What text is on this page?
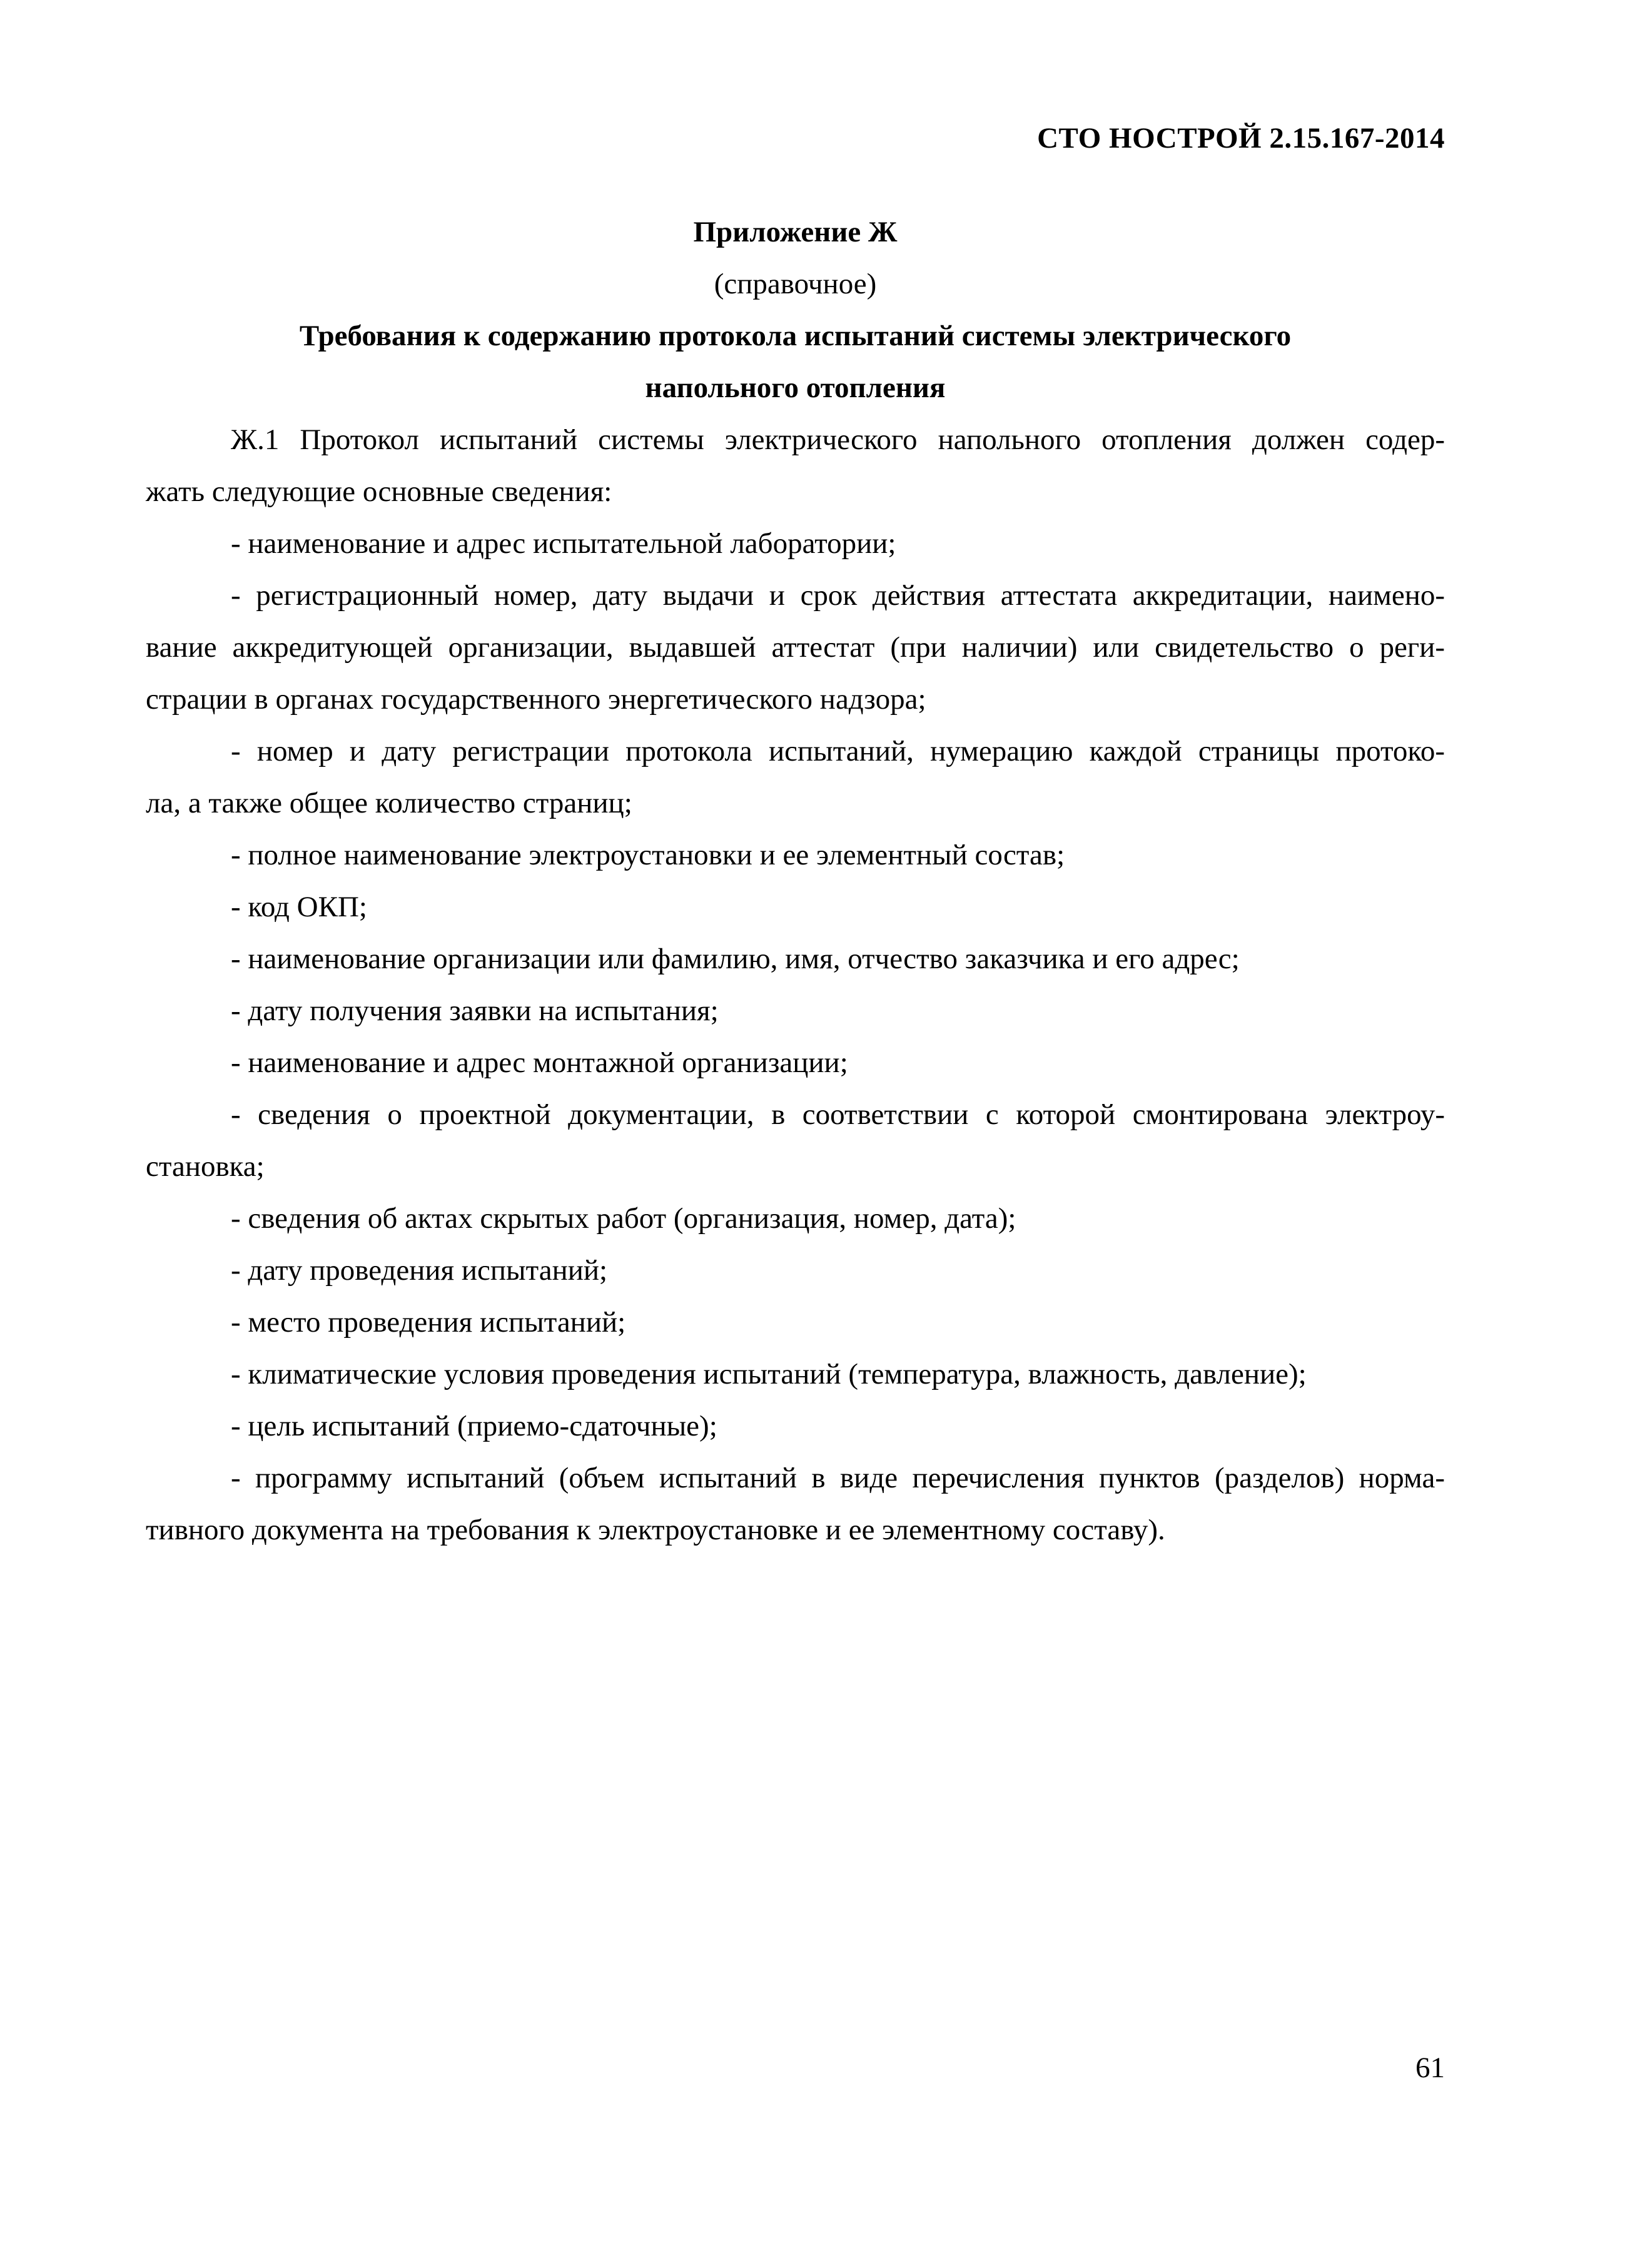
СТО НОСТРОЙ 2.15.167-2014
Приложение Ж
(справочное)
Требования к содержанию протокола испытаний системы электрического
напольного отопления
Ж.1 Протокол испытаний системы электрического напольного отопления должен содер-
жать следующие основные сведения:
- наименование и адрес испытательной лаборатории;
- регистрационный номер, дату выдачи и срок действия аттестата аккредитации, наимено-
вание аккредитующей организации, выдавшей аттестат (при наличии) или свидетельство о реги-
страции в органах государственного энергетического надзора;
- номер и дату регистрации протокола испытаний, нумерацию каждой страницы протоко-
ла, а также общее количество страниц;
- полное наименование электроустановки и ее элементный состав;
- код ОКП;
- наименование организации или фамилию, имя, отчество заказчика и его адрес;
- дату получения заявки на испытания;
- наименование и адрес монтажной организации;
- сведения о проектной документации, в соответствии с которой смонтирована электроу-
становка;
- сведения об актах скрытых работ (организация, номер, дата);
- дату проведения испытаний;
- место проведения испытаний;
- климатические условия проведения испытаний (температура, влажность, давление);
- цель испытаний (приемо-сдаточные);
- программу испытаний (объем испытаний в виде перечисления пунктов (разделов) норма-
тивного документа на требования к электроустановке и ее элементному составу).
61
